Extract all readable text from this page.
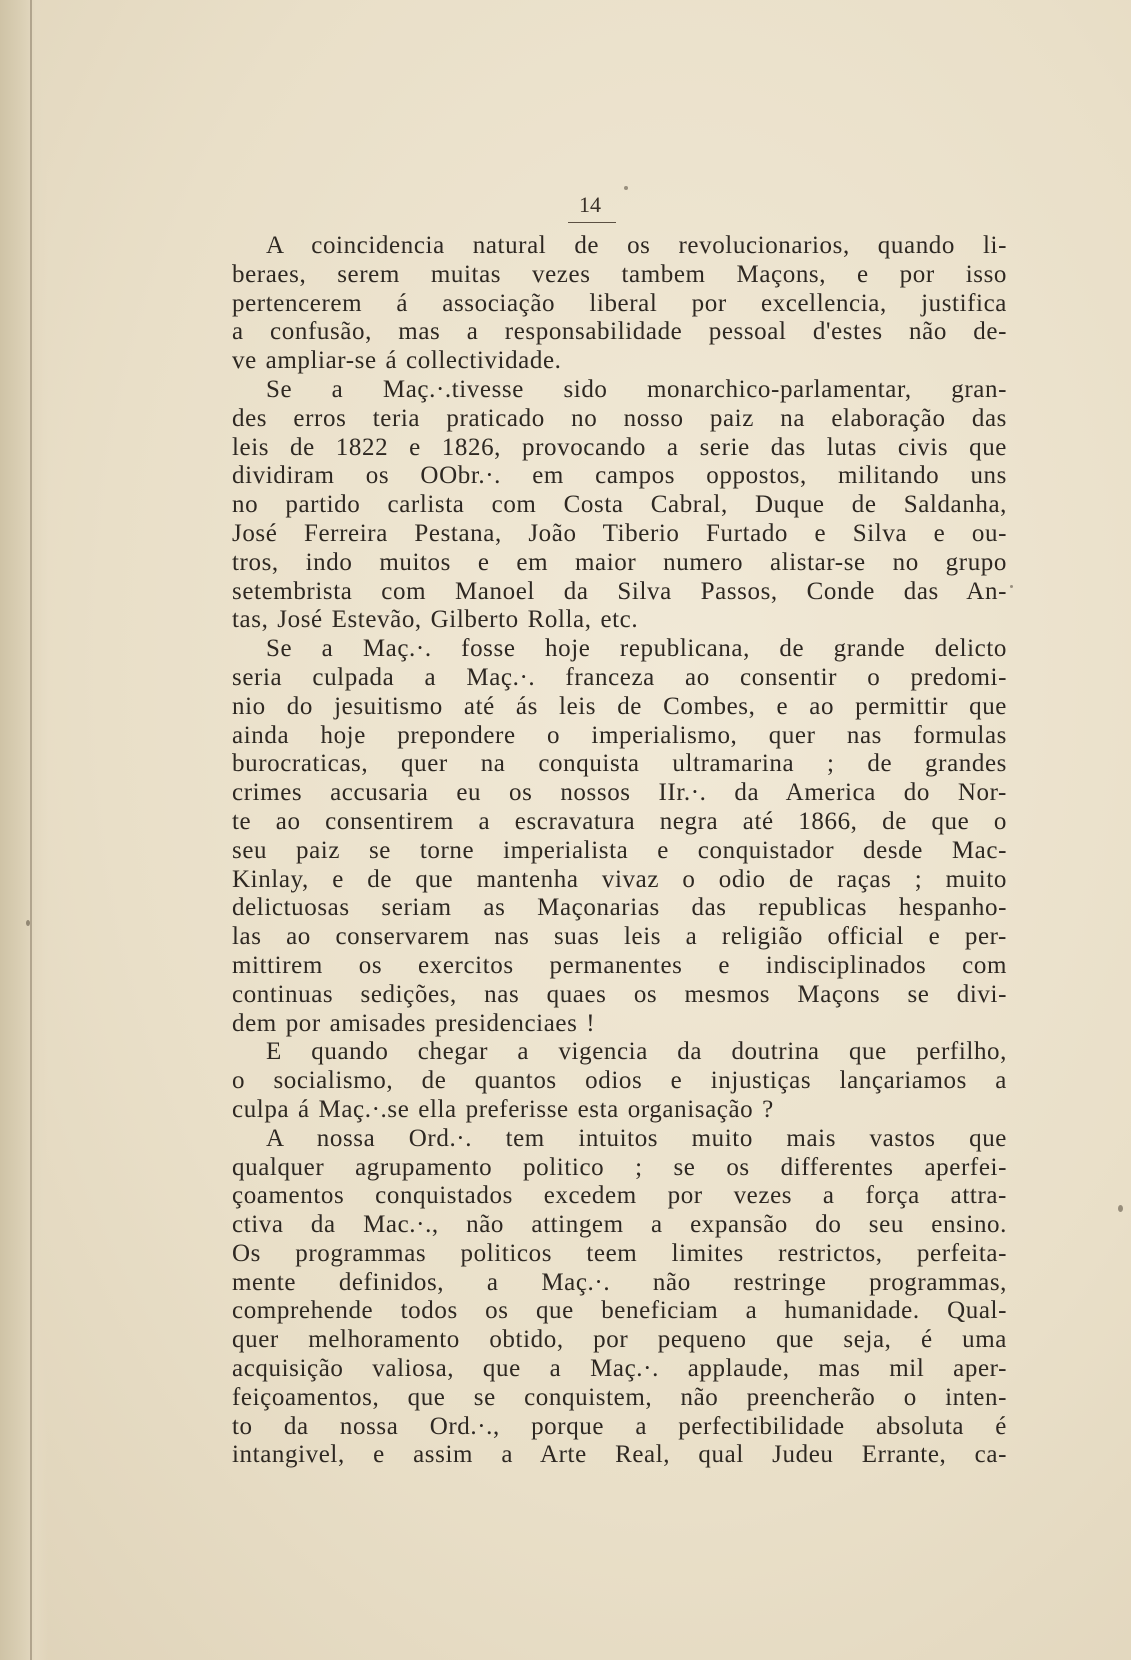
14
A coincidencia natural de os revolucionarios, quando li-
beraes, serem muitas vezes tambem Maçons, e por isso
pertencerem á associação liberal por excellencia, justifica
a confusão, mas a responsabilidade pessoal d'estes não de-
ve ampliar-se á collectividade.
Se a Maç.·.tivesse sido monarchico-parlamentar, gran-
des erros teria praticado no nosso paiz na elaboração das
leis de 1822 e 1826, provocando a serie das lutas civis que
dividiram os OObr.·. em campos oppostos, militando uns
no partido carlista com Costa Cabral, Duque de Saldanha,
José Ferreira Pestana, João Tiberio Furtado e Silva e ou-
tros, indo muitos e em maior numero alistar-se no grupo
setembrista com Manoel da Silva Passos, Conde das An-
tas, José Estevão, Gilberto Rolla, etc.
Se a Maç.·. fosse hoje republicana, de grande delicto
seria culpada a Maç.·. franceza ao consentir o predomi-
nio do jesuitismo até ás leis de Combes, e ao permittir que
ainda hoje prepondere o imperialismo, quer nas formulas
burocraticas, quer na conquista ultramarina ; de grandes
crimes accusaria eu os nossos IIr.·. da America do Nor-
te ao consentirem a escravatura negra até 1866, de que o
seu paiz se torne imperialista e conquistador desde Mac-
Kinlay, e de que mantenha vivaz o odio de raças ; muito
delictuosas seriam as Maçonarias das republicas hespanho-
las ao conservarem nas suas leis a religião official e per-
mittirem os exercitos permanentes e indisciplinados com
continuas sedições, nas quaes os mesmos Maçons se divi-
dem por amisades presidenciaes !
E quando chegar a vigencia da doutrina que perfilho,
o socialismo, de quantos odios e injustiças lançariamos a
culpa á Maç.·.se ella preferisse esta organisação ?
A nossa Ord.·. tem intuitos muito mais vastos que
qualquer agrupamento politico ; se os differentes aperfei-
çoamentos conquistados excedem por vezes a força attra-
ctiva da Mac.·., não attingem a expansão do seu ensino.
Os programmas politicos teem limites restrictos, perfeita-
mente definidos, a Maç.·. não restringe programmas,
comprehende todos os que beneficiam a humanidade. Qual-
quer melhoramento obtido, por pequeno que seja, é uma
acquisição valiosa, que a Maç.·. applaude, mas mil aper-
feiçoamentos, que se conquistem, não preencherão o inten-
to da nossa Ord.·., porque a perfectibilidade absoluta é
intangivel, e assim a Arte Real, qual Judeu Errante, ca-
